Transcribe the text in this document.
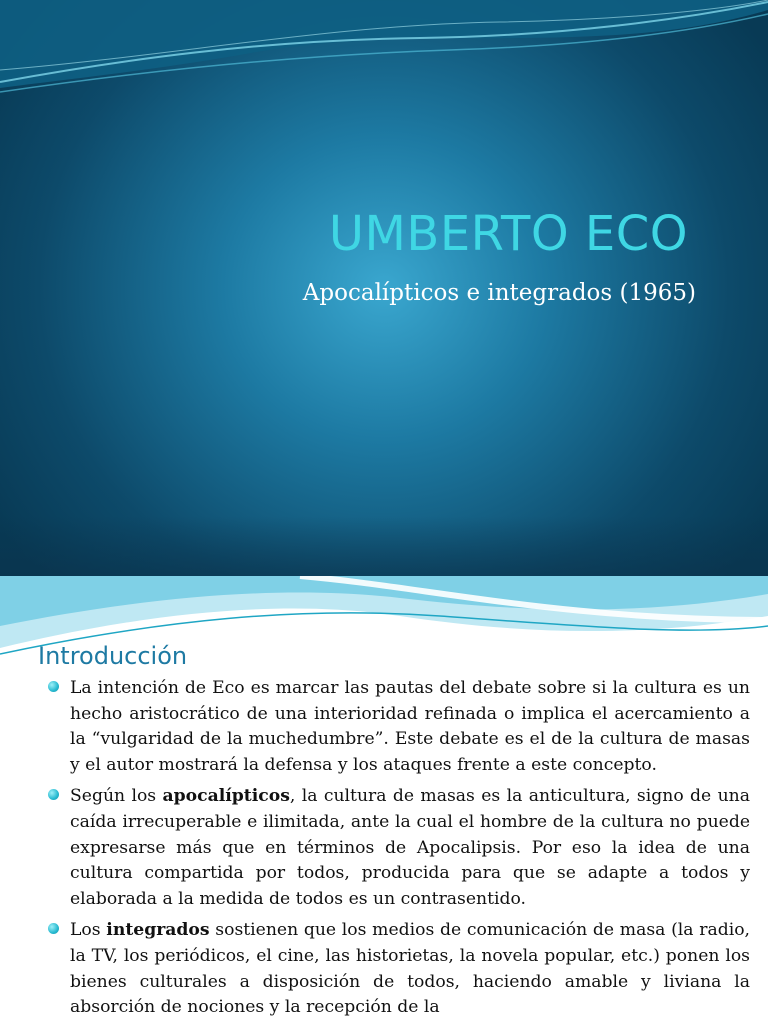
UMBERTO ECO
Apocalípticos e integrados (1965)
Introducción
La intención de Eco es marcar las pautas del debate sobre si la cultura es un hecho aristocrático de una interioridad refinada o implica el acercamiento a la “vulgaridad de la muchedumbre”. Este debate es el de la cultura de masas y el autor mostrará la defensa y los ataques frente a este concepto.
Según los apocalípticos, la cultura de masas es la anticultura, signo de una caída irrecuperable e ilimitada, ante la cual el hombre de la cultura no puede expresarse más que en términos de Apocalipsis. Por eso la idea de una cultura compartida por todos, producida para que se adapte a todos y elaborada a la medida de todos es un contrasentido.
Los integrados sostienen que los medios de comunicación de masa (la radio, la TV, los periódicos, el cine, las historietas, la novela popular, etc.) ponen los bienes culturales a disposición de todos, haciendo amable y liviana la absorción de nociones y la recepción de la
